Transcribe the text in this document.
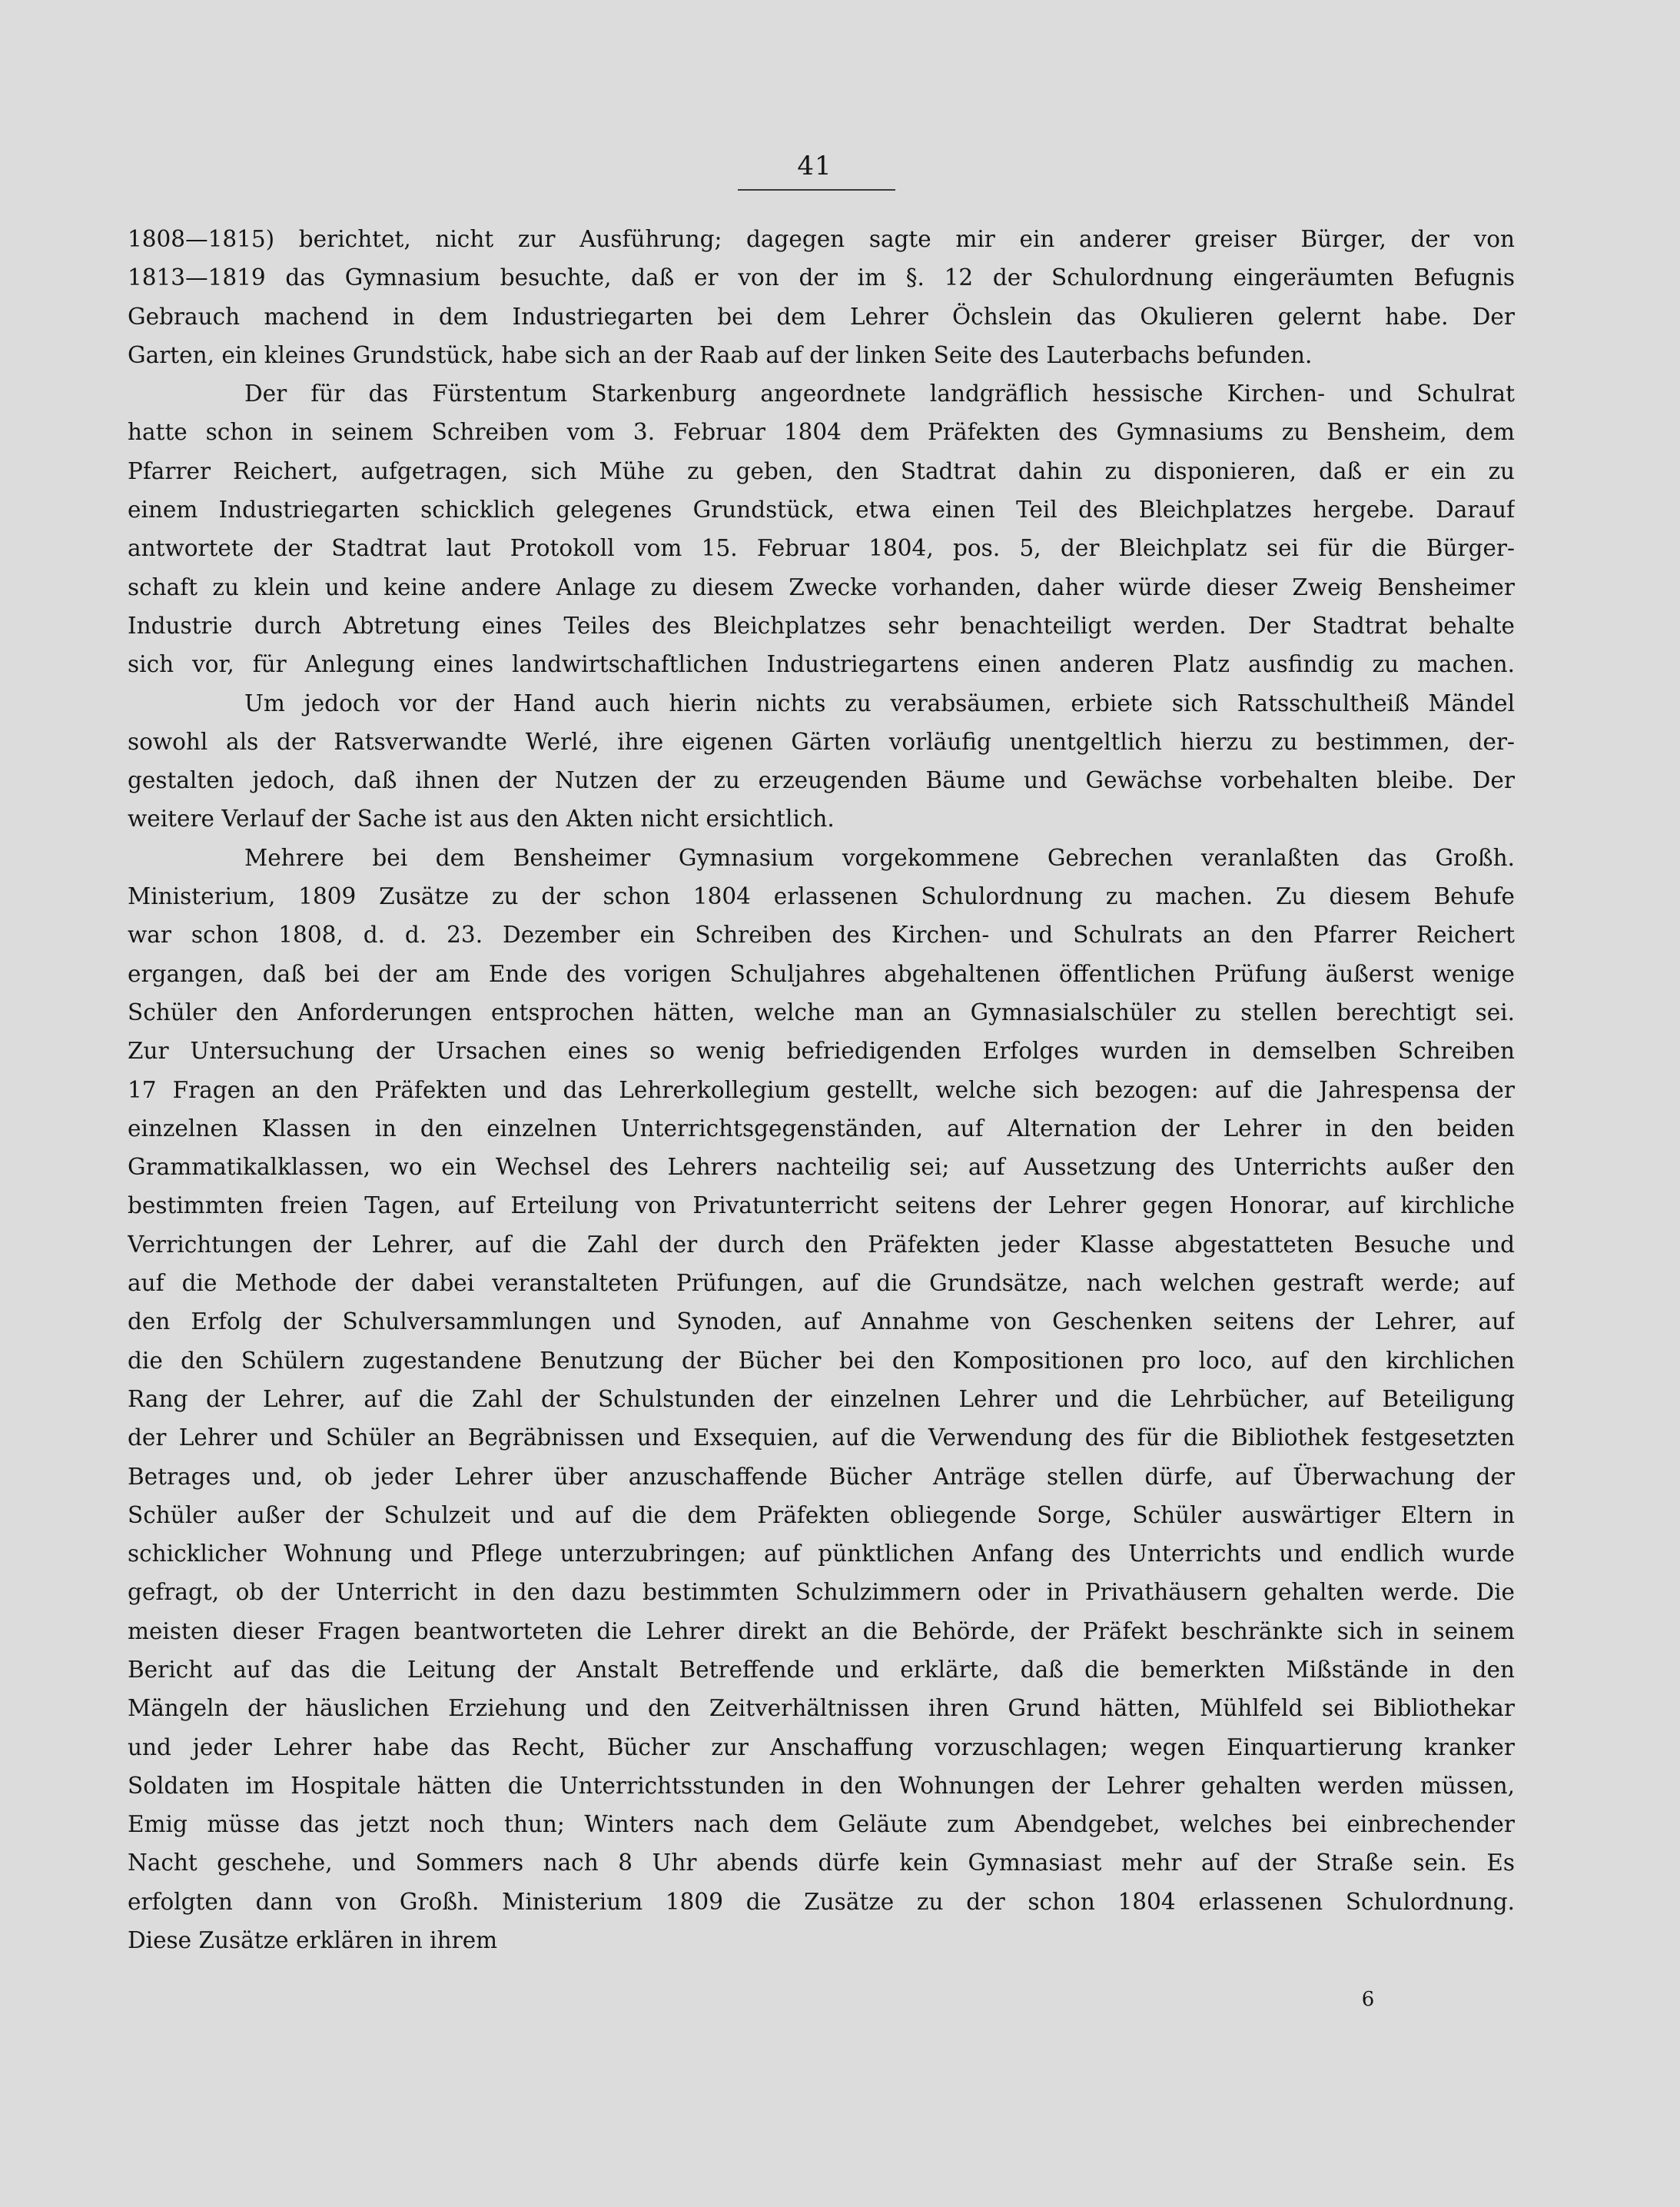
41
1808—1815) berichtet, nicht zur Ausführung; dagegen sagte mir ein anderer greiser Bürger, der von
1813—1819 das Gymnasium besuchte, daß er von der im §. 12 der Schulordnung eingeräumten Befugnis
Gebrauch machend in dem Industriegarten bei dem Lehrer Öchslein das Okulieren gelernt habe. Der
Garten, ein kleines Grundstück, habe sich an der Raab auf der linken Seite des Lauterbachs befunden.
Der für das Fürstentum Starkenburg angeordnete landgräflich hessische Kirchen- und Schulrat
hatte schon in seinem Schreiben vom 3. Februar 1804 dem Präfekten des Gymnasiums zu Bensheim, dem
Pfarrer Reichert, aufgetragen, sich Mühe zu geben, den Stadtrat dahin zu disponieren, daß er ein zu
einem Industriegarten schicklich gelegenes Grundstück, etwa einen Teil des Bleichplatzes hergebe. Darauf
antwortete der Stadtrat laut Protokoll vom 15. Februar 1804, pos. 5, der Bleichplatz sei für die Bürger-
schaft zu klein und keine andere Anlage zu diesem Zwecke vorhanden, daher würde dieser Zweig Bensheimer
Industrie durch Abtretung eines Teiles des Bleichplatzes sehr benachteiligt werden. Der Stadtrat behalte
sich vor, für Anlegung eines landwirtschaftlichen Industriegartens einen anderen Platz ausfindig zu machen.
Um jedoch vor der Hand auch hierin nichts zu verabsäumen, erbiete sich Ratsschultheiß Mändel
sowohl als der Ratsverwandte Werlé, ihre eigenen Gärten vorläufig unentgeltlich hierzu zu bestimmen, der-
gestalten jedoch, daß ihnen der Nutzen der zu erzeugenden Bäume und Gewächse vorbehalten bleibe. Der
weitere Verlauf der Sache ist aus den Akten nicht ersichtlich.
Mehrere bei dem Bensheimer Gymnasium vorgekommene Gebrechen veranlaßten das Großh.
Ministerium, 1809 Zusätze zu der schon 1804 erlassenen Schulordnung zu machen. Zu diesem Behufe
war schon 1808, d. d. 23. Dezember ein Schreiben des Kirchen- und Schulrats an den Pfarrer Reichert
ergangen, daß bei der am Ende des vorigen Schuljahres abgehaltenen öffentlichen Prüfung äußerst wenige
Schüler den Anforderungen entsprochen hätten, welche man an Gymnasialschüler zu stellen berechtigt sei.
Zur Untersuchung der Ursachen eines so wenig befriedigenden Erfolges wurden in demselben Schreiben
17 Fragen an den Präfekten und das Lehrerkollegium gestellt, welche sich bezogen: auf die Jahrespensa der
einzelnen Klassen in den einzelnen Unterrichtsgegenständen, auf Alternation der Lehrer in den beiden
Grammatikalklassen, wo ein Wechsel des Lehrers nachteilig sei; auf Aussetzung des Unterrichts außer den
bestimmten freien Tagen, auf Erteilung von Privatunterricht seitens der Lehrer gegen Honorar, auf kirchliche
Verrichtungen der Lehrer, auf die Zahl der durch den Präfekten jeder Klasse abgestatteten Besuche und
auf die Methode der dabei veranstalteten Prüfungen, auf die Grundsätze, nach welchen gestraft werde; auf
den Erfolg der Schulversammlungen und Synoden, auf Annahme von Geschenken seitens der Lehrer, auf
die den Schülern zugestandene Benutzung der Bücher bei den Kompositionen pro loco, auf den kirchlichen
Rang der Lehrer, auf die Zahl der Schulstunden der einzelnen Lehrer und die Lehrbücher, auf Beteiligung
der Lehrer und Schüler an Begräbnissen und Exsequien, auf die Verwendung des für die Bibliothek festgesetzten
Betrages und, ob jeder Lehrer über anzuschaffende Bücher Anträge stellen dürfe, auf Überwachung der
Schüler außer der Schulzeit und auf die dem Präfekten obliegende Sorge, Schüler auswärtiger Eltern in
schicklicher Wohnung und Pflege unterzubringen; auf pünktlichen Anfang des Unterrichts und endlich wurde
gefragt, ob der Unterricht in den dazu bestimmten Schulzimmern oder in Privathäusern gehalten werde. Die
meisten dieser Fragen beantworteten die Lehrer direkt an die Behörde, der Präfekt beschränkte sich in seinem
Bericht auf das die Leitung der Anstalt Betreffende und erklärte, daß die bemerkten Mißstände in den
Mängeln der häuslichen Erziehung und den Zeitverhältnissen ihren Grund hätten, Mühlfeld sei Bibliothekar
und jeder Lehrer habe das Recht, Bücher zur Anschaffung vorzuschlagen; wegen Einquartierung kranker
Soldaten im Hospitale hätten die Unterrichtsstunden in den Wohnungen der Lehrer gehalten werden müssen,
Emig müsse das jetzt noch thun; Winters nach dem Geläute zum Abendgebet, welches bei einbrechender
Nacht geschehe, und Sommers nach 8 Uhr abends dürfe kein Gymnasiast mehr auf der Straße sein. Es
erfolgten dann von Großh. Ministerium 1809 die Zusätze zu der schon 1804 erlassenen Schulordnung.
Diese Zusätze erklären in ihrem
6
